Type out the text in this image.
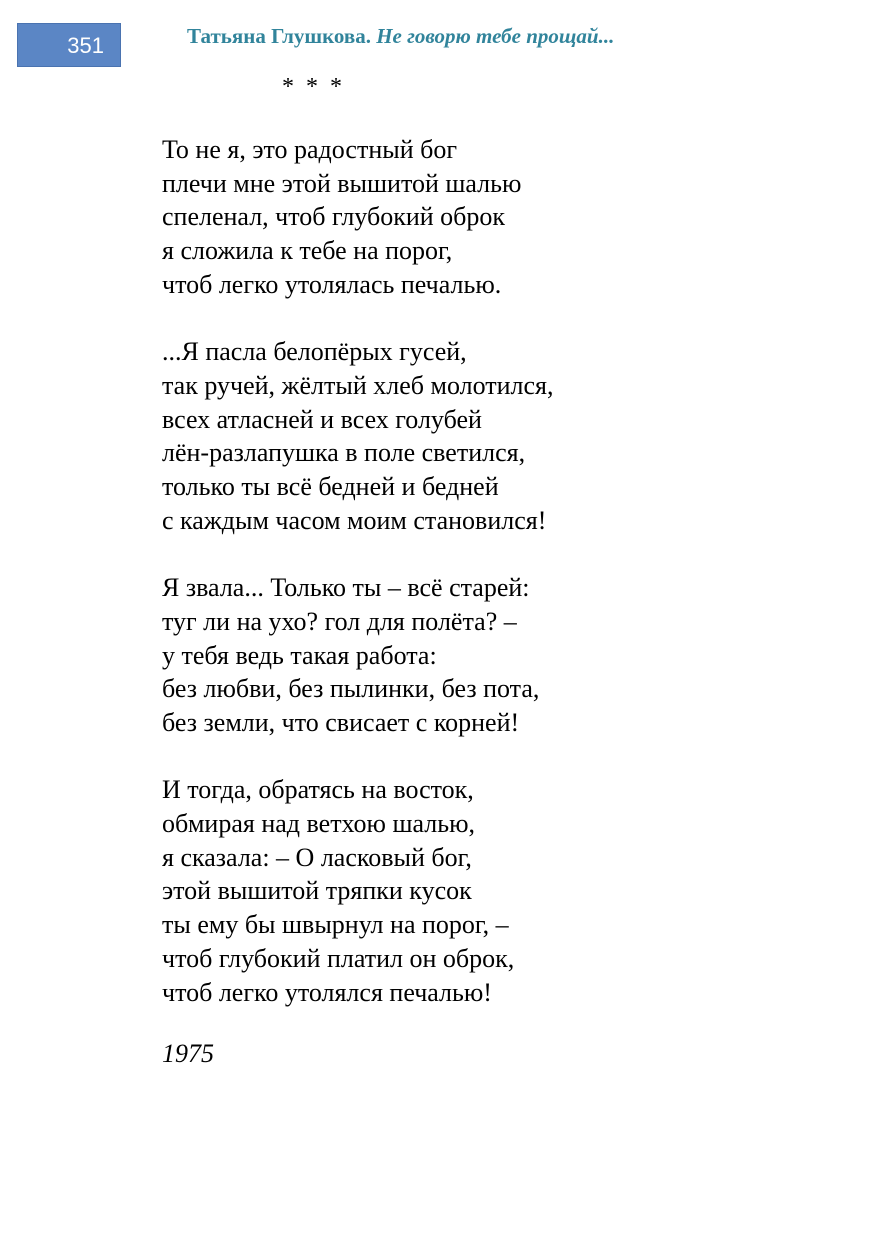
351	Татьяна Глушкова. Не говорю тебе прощай...
* * *
То не я, это радостный бог
плечи мне этой вышитой шалью
спеленал, чтоб глубокий оброк
я сложила к тебе на порог,
чтоб легко утолялась печалью.
...Я пасла белопёрых гусей,
так ручей, жёлтый хлеб молотился,
всех атласней и всех голубей
лён-разлапушка в поле светился,
только ты всё бедней и бедней
с каждым часом моим становился!
Я звала... Только ты – всё старей:
туг ли на ухо? гол для полёта? –
у тебя ведь такая работа:
без любви, без пылинки, без пота,
без земли, что свисает с корней!
И тогда, обратясь на восток,
обмирая над ветхою шалью,
я сказала: – О ласковый бог,
этой вышитой тряпки кусок
ты ему бы швырнул на порог, –
чтоб глубокий платил он оброк,
чтоб легко утолялся печалью!
1975
